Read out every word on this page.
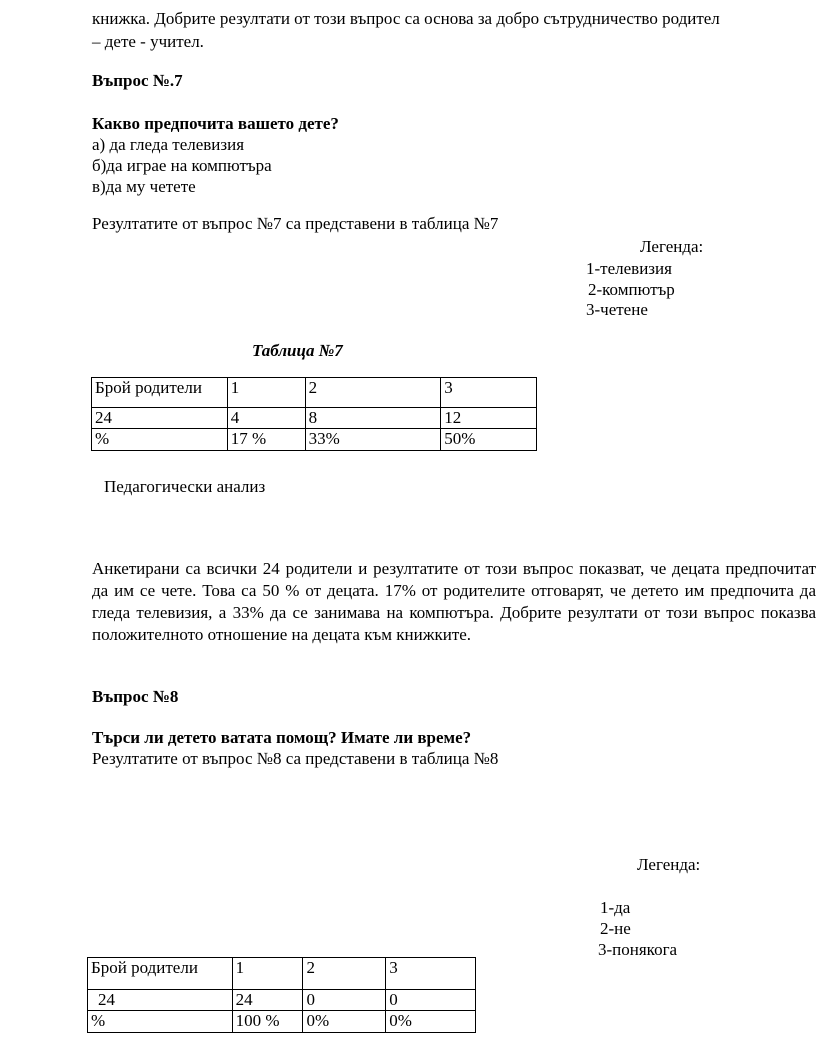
книжка. Добрите резултати от този въпрос са основа за добро сътрудничество родител
– дете - учител.
Въпрос №.7
Какво предпочита вашето дете?
а) да гледа телевизия
б)да играе на компютъра
в)да му четете
Резултатите от въпрос №7 са представени в таблица №7
Легенда:
1-телевизия
2-компютър
3-четене
Таблица №7
Брой родители	1	2	3
24	4	8	12
%	17 %	33%	50%
Педагогически анализ
Анкетирани са всички 24 родители и резултатите от този въпрос показват, че децата предпочитат да им се чете. Това са 50 % от децата. 17% от родителите отговарят, че детето им предпочита да гледа телевизия, а 33% да се занимава на компютъра. Добрите резултати от този въпрос показва положителното отношение на децата към книжките.
Въпрос №8
Търси ли детето ватата помощ? Имате ли време?
Резултатите от въпрос №8 са представени в таблица №8
Легенда:
1-да
2-не
3-понякога
Брой родители	1	2	3
24	24	0	0
%	100 %	0%	0%
